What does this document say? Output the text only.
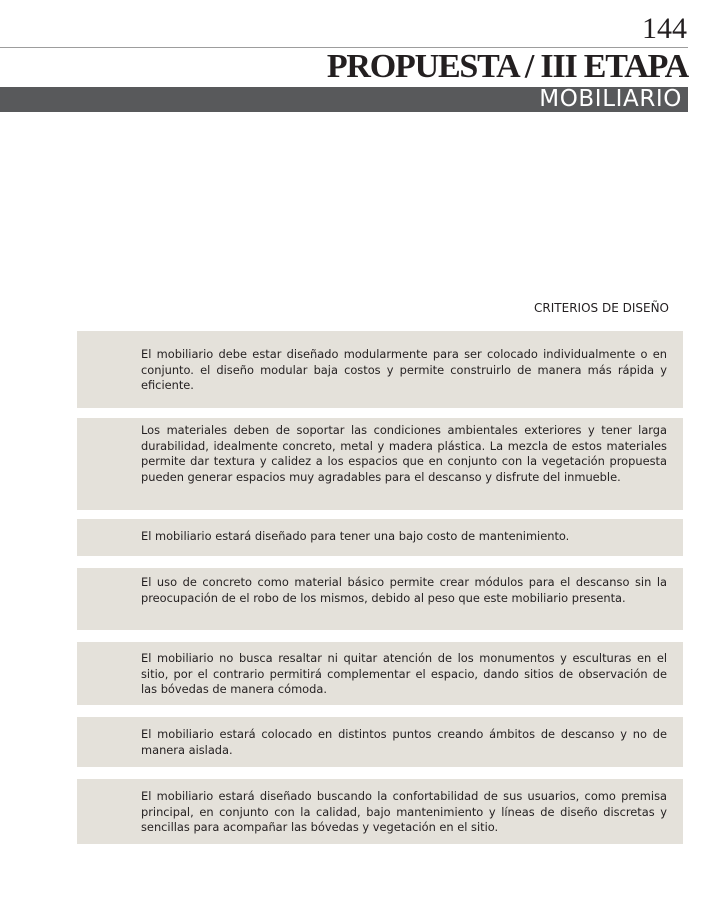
144
PROPUESTA / III ETAPA
MOBILIARIO
CRITERIOS DE DISEÑO

El mobiliario debe estar diseñado modularmente para ser colocado individualmente o en conjunto. el diseño modular baja costos y permite construirlo de manera más rápida y eficiente.

Los materiales deben de soportar las condiciones ambientales exteriores y tener larga durabilidad, idealmente concreto, metal y madera plástica. La mezcla de estos materiales permite dar textura y calidez a los espacios que en conjunto con la vegetación propuesta pueden generar espacios muy agradables para el descanso y disfrute del inmueble.

El mobiliario estará diseñado para tener una bajo costo de mantenimiento.

El uso de concreto como material básico permite crear módulos para el descanso sin la preocupación de el robo de los mismos, debido al peso que este mobiliario presenta.

El mobiliario no busca resaltar ni quitar atención de los monumentos y esculturas en el sitio, por el contrario permitirá complementar el espacio, dando sitios de observación de las bóvedas de manera cómoda.

El mobiliario estará colocado en distintos puntos creando ámbitos de descanso y no de manera aislada.

El mobiliario estará diseñado buscando la confortabilidad de sus usuarios, como premisa principal, en conjunto con la calidad, bajo mantenimiento y líneas de diseño discretas y sencillas para acompañar las bóvedas y vegetación en el sitio.
